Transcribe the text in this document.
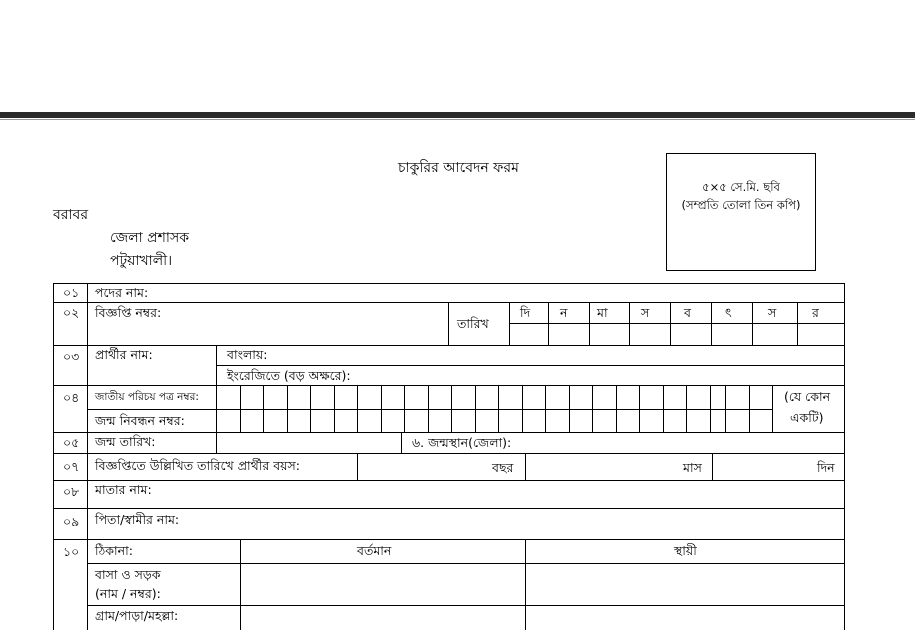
চাকুরির আবেদন ফরম
৫×৫ সে.মি. ছবি
(সম্প্রতি তোলা তিন কপি)
বরাবর
জেলা প্রশাসক
পটুয়াখালী।
০১ পদের নাম:
০২ বিজ্ঞপ্তি নম্বর:
তারিখ
দি ন মা	স	ব	ৎ	স	র
০৩ প্রার্থীর নাম:	বাংলায়:
ইংরেজিতে (বড় অক্ষরে):
০৪ জাতীয় পরিচয় পত্র নম্বর:
জন্ম নিবন্ধন নম্বর:
(যে কোন
একটি)
০৫ জন্ম তারিখ:	৬. জন্মস্থান(জেলা):
০৭ বিজ্ঞপ্তিতে উল্লিখিত তারিখে প্রার্থীর বয়স:	বছর	মাস	দিন
০৮ মাতার নাম:
০৯ পিতা/স্বামীর নাম:
১০ ঠিকানা:	বর্তমান	স্থায়ী
বাসা ও সড়ক
(নাম / নম্বর):
গ্রাম/পাড়া/মহল্লা:
